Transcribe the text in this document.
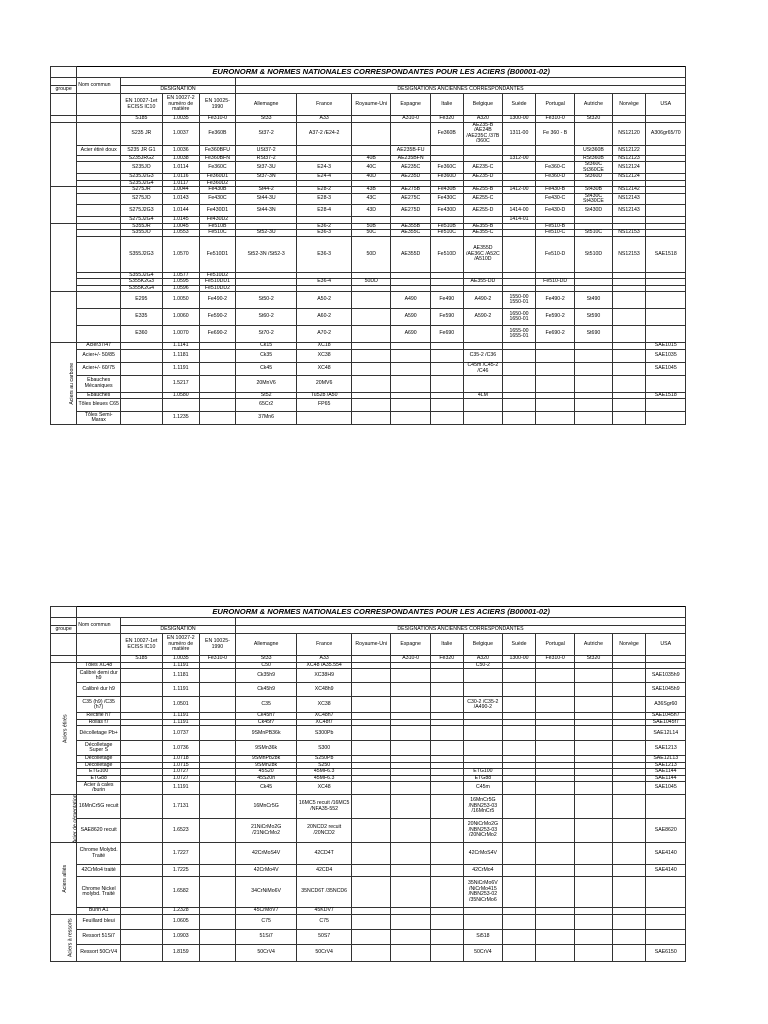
	EURONORM & NORMES NATIONALES CORRESPONDANTES POUR LES ACIERS (B00001-02)														
	Nom commun														
groupe		DESIGNATION			DESIGNATIONS ANCIENNES CORRESPONDANTES										
		EN 10027-1et ECISS IC10	EN 10027-2 numéro de matière	EN 10025-1990	Allemagne	France	Royaume-Uni	Espagne	Italie	Belgique	Suède	Portugal	Autriche	Norvège	USA
		S185	1.0035	Fe310-0	St33	A33		A310-0	Fe320	A320	1300-00	Fe310-0	St320		
		S235 JR	1.0037	Fe360B	St37-2	A37-2 /E24-2			Fe360B	AE235-B /AE24B /AE235C /37B /360C	1311-00	Fe 360 - B		NS12120	A306gr65/70
	Acier étiré doux	S235 JR G1	1.0036	Fe360BFU	USt37-2			AE235B-FU					USt360B	NS12122	
		S235JRG2	1.0038	Fe360BFN	RSt37-2		40B	AE235BFN			1312-00		RSt360B	NS12123	
		S235JO	1.0114	Fe360C	St37-3U	E24-3	40C	AE235C	Fe360C	AE235-C		Fe360-C	St360C St360CE	NS12124	
		S235J2G3	1.0116	Fe360D1	St37-3N	E24-4	40D	AE235D	Fe360D	AE235-D		Fe360-D	St360D	NS12124	
		S235J2G4	1.0117	Fe360D2											
		S275JR	1.0044	Fe430B	St44-2	E28-2	43B	AE275B	Fe430B	AE255-B	1412-00	Fe430-B	St430B	NS12142	
		S275JO	1.0143	Fe430C	St44-3U	E28-3	43C	AE275C	Fe430C	AE255-C		Fe430-C	St430C St430CE	NS12143	
		S275J2G3	1.0144	Fe430D1	St44-3N	E28-4	43D	AE275D	Fe430D	AE255-D	1414-00	Fe430-D	St430D	NS12143	
		S275J2G4	1.0145	Fe430D2							1414-01				
		S355JR	1.0045	Fe510B		E36-2	50B	AE355B	Fe510B	AE355-B		Fe510-B			
		S355JO	1.0553	Fe510C	St52-3U	E36-3	50C	AE355C	Fe510C	AE355-C		Fe510-C	St510C	NS12153	
		S355J2G3	1.0570	Fe510D1	St52-3N /St52-3	E36-3	50D	AE355D	Fe510D	AE355D /AE36C /A52C /A510D		Fe510-D	St510D	NS12153	SAE1518
		S355J2G4	1.0577	Fe510D2											
		S355K2G3	1.0595	Fe510DD1		E36-4	50DD			AE355-DD		Fe510-DD			
		S355K2G4	1.0596	Fe510DD2											
		E295	1.0050	Fe490-2	St50-2	A50-2		A490	Fe490	A490-2	1550-00 1550-01	Fe490-2	St490		
		E335	1.0060	Fe590-2	St60-2	A60-2		A590	Fe590	A590-2	1650-00 1650-01	Fe590-2	St590		
		E360	1.0070	Fe690-2	St70-2	A70-2		A690	Fe690		1655-00 1655-01	Fe690-2	St690		
Aciers au carbone	Acier37/47		1.1141		Ck15	XC18									SAE1015
	Acier+/- 50/85		1.1181		Ck35	XC38				C35-2 /C36					SAE1035
	Acier+/- 60/75		1.1191		Ck45	XC48				C45m /C45-2 /C46					SAE1045
	Ebauches Mécaniques		1.5217		20MnV6	20MV6									
	Ebauches		1.0580		St52	Tu52b /A50				4LM					SAE1518
	Tôles bleues C65				65Cr2	FP65									
	Tôles Semi-Marax		1.1235		37Mn6										
	EURONORM & NORMES NATIONALES CORRESPONDANTES POUR LES ACIERS (B00001-02)														
	Nom commun														
groupe		DESIGNATION			DESIGNATIONS ANCIENNES CORRESPONDANTES										
		EN 10027-1et ECISS IC10	EN 10027-2 numéro de matière	EN 10025-1990	Allemagne	France	Royaume-Uni	Espagne	Italie	Belgique	Suède	Portugal	Autriche	Norvège	USA
		S185	1.0035	Fe310-0	St33	A33		A310-0	Fe320	A320	1300-00	Fe310-0	St320		
Aciers étirés	Tôles XC48		1.1191		C50	XC48 /A35.554				C50-2					
	Calibré demi dur h9		1.1181		Ck35h9	XC38H9									SAE1035h9
	Calibré dur h9		1.1191		Ck45h9	XC48h9									SAE1045h9
	C35 (h9) /C35 (h7)		1.0501		C35	XC38				C30-2 /C35-2 /A490-2					A36Sgr60
	Rectifié h7		1.1191		Ck45h7	XC48h7									SAE1045h7
	Rollas f7		1.1191		Ck45f7	XC48f7									SAE1045f7
	Décolletage Pb+		1.0737		9SMnPB36k	S300Pb									SAE12L14
	Décolletage Super S		1.0736		9SMn36k	S300									SAE1213
	Décolletage		1.0718		9SMnPb28k	S250Pb									SAE12L13
	Décolletage		1.0715		9SMn28k	S250									SAE1213
	ETG100		1.0727		45S20	45MF6.3				ETG100					SAE1144
	ETG88		1.0727		45S20n	45MF6.3				ETG88					SAE1144
	Acier à cales /burin		1.1191		Ck45	XC48				C45m					SAE1045
Acier de cémentation	16MnCr5G recuit		1.7131		16MnCr5G	16MC5 recuit /16MC5 /NFA35-552				16MnCr5G /NBN253-03 /16MnCr5					
	SAE8620 recuit		1.6523		21NiCrMo2G /21NiCrMo2	20NCD2 recuit /20NCD2				20NiCrMo2G /NBN253-03 /20NiCrMo2					SAE8620
Aciers alliés	Chrome Molybd. Traité		1.7227		42CrMoS4V	42CD4T				42CrMoS4V					SAE4140
	42CrMo4 traité		1.7225		42CrMo4V	42CD4				42CrMo4					SAE4140
	Chrome Nickel molybd. Traité		1.6582		34CrNiMo6V	35NCD6T /35NCD6				35NiCrMo6V /NiCrMo415 /NBN253-02 /35NiCrMo6					
	Burin A1		1.2328		45CrMoV7	45KDV7									
Aciers à ressorts	Feuillard bleui		1.0605		C75	C75									
	Ressort 51Si7		1.0903		51Si7	50S7				Si518					
	Ressort 50CrV4		1.8159		50CrV4	50CrV4				50CrV4					SAE6150
